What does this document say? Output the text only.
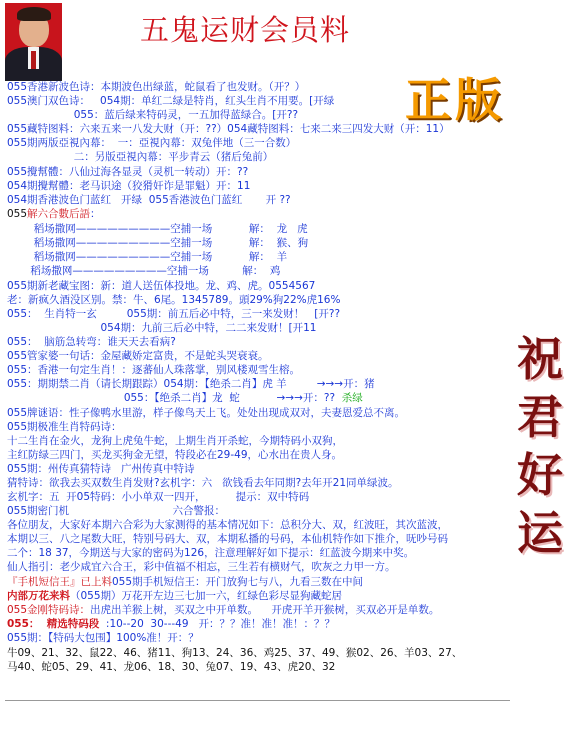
五鬼运财会员料
正版
祝
君
好
运
055香港新波色诗：本期波色出绿蓝，蛇鼠看了也发财。（开？）
055澳门双色诗：   054期：单红二绿是特肖，红头生肖不用要。[开绿
055：蓝后绿来特码灵，一五加得蓝绿合。[开??
055藏特图料：六来五来一八发大财（开：??）054藏特图料：七来二来三四发大财（开：11）
055期两版亞視內幕：  一：亞視內幕：双兔伴地（三一合数）
二：另版亞視內幕：平步青云（猪后兔前）
055攪幫體：八仙过海各显灵（灵机一转动）开：??
054期攪幫體：老马识途（狡猾奸诈是罪魁）开：11
054期香港波色门蓝红   开绿  055香港波色门蓝红       开 ??
055解六合數后語：
稻场撒网—————————空捕一场           解：  龙   虎
稻场撒网—————————空捕一场           解：  猴、狗
稻场撒网—————————空捕一场           解：  羊
稻场撒网—————————空捕一场          解：  鸡
055期新老藏宝图：新：道人送伍体投地。龙、鸡、虎。0554567
老：新疯久酒没区别。禁：牛、6尾。1345789。頭29%狗22%虎16%
055：  生肖特一玄         055期：前五后必中特，三一来发财！   [开??
054期：九前三后必中特，二二来发财！[开11
055：  脑筋急转弯：谁天天去看病?
055管家婆一句话：金屋藏娇定富贵，不是蛇头哭衰衰。
055：香港一句定生肖！：逐蕃仙人珠落掌，别风楼观雪生榕。
055：期期禁二肖（请长期跟踪）054期：【绝杀二肖】虎 羊         →→→开：猪
055：【绝杀二肖】龙  蛇           →→→开：??  杀绿
055牌谜语：性子像鸭水里游，样子像鸟天上飞。处处出现成双对，夫妻恩爱总不离。
055期极准生肖特码诗：
十二生肖在金火，龙狗上虎兔牛蛇，上期生肖开杀蛇，今期特码小双狗，
主红防绿三四门，买龙买狗金无望，特段必在29-49，心水出在贵人身。
055期：州传真猜特诗   广州传真中特诗
猜特诗：欲我去买双数生肖发财?玄机字：六   欲钱看去年同期?去年开21同单绿波。
玄机字：五  开05特码：小小单双一四开，         提示：双中特码
055期密门机                               六合警报：
各位朋友，大家好本期六合彩为大家测得的基本情况如下：总积分大、双，红波旺，其次蓝波，
本期以三、八之尾数大旺，特别号码大、双，本期私播的号码，本仙机特作如下推介，呒吵号码
二个：18 37，今期送与大家的密码为126，注意理解好如下提示：红蓝波今期来中奖。
仙人指引：老少咸宜六合王，彩中值福不相忘，三生若有横财气，吹灰之力甲一方。
『手机短信王』已上料055期手机短信王：开门放狗七与八，九看三数在中间
内部万花来料（055期）万花开左边三七加一六，红绿色彩尽显狗藏蛇居
055金刚特码诗：出虎出羊猴上树，买双之中开单数。    开虎开羊开猴树，买双必开是单数。
055：  精选特码段  :10--20  30---49   开：？？准！准！准！：？？
055期：【特码大包围】100%准！开：？
牛09、21、32、鼠22、46、猪11、狗13、24、36、鸡25、37、49、猴02、26、羊03、27、
马40、蛇05、29、41、龙06、18、30、兔07、19、43、虎20、32
